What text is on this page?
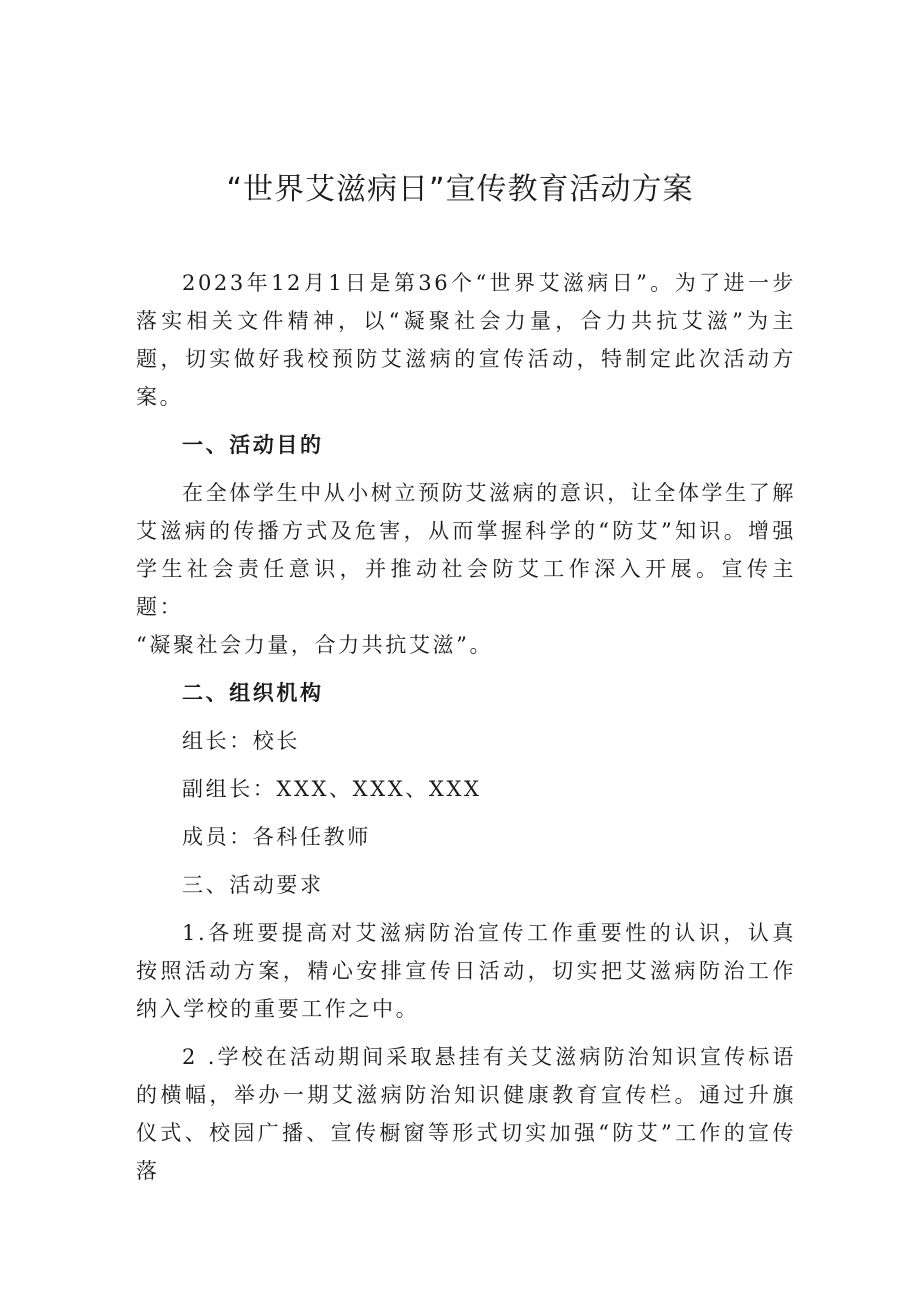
“世界艾滋病日”宣传教育活动方案

2023年12月1日是第36个“世界艾滋病日”。为了进一步落实相关文件精神，以“凝聚社会力量，合力共抗艾滋”为主题，切实做好我校预防艾滋病的宣传活动，特制定此次活动方案。

一、活动目的

在全体学生中从小树立预防艾滋病的意识，让全体学生了解艾滋病的传播方式及危害，从而掌握科学的“防艾”知识。增强学生社会责任意识，并推动社会防艾工作深入开展。宣传主题：

“凝聚社会力量，合力共抗艾滋”。

二、组织机构

组长：校长

副组长：XXX、XXX、XXX

成员：各科任教师

三、活动要求

1.各班要提高对艾滋病防治宣传工作重要性的认识，认真按照活动方案，精心安排宣传日活动，切实把艾滋病防治工作纳入学校的重要工作之中。

2 .学校在活动期间采取悬挂有关艾滋病防治知识宣传标语的横幅，举办一期艾滋病防治知识健康教育宣传栏。通过升旗仪式、校园广播、宣传橱窗等形式切实加强“防艾”工作的宣传落
